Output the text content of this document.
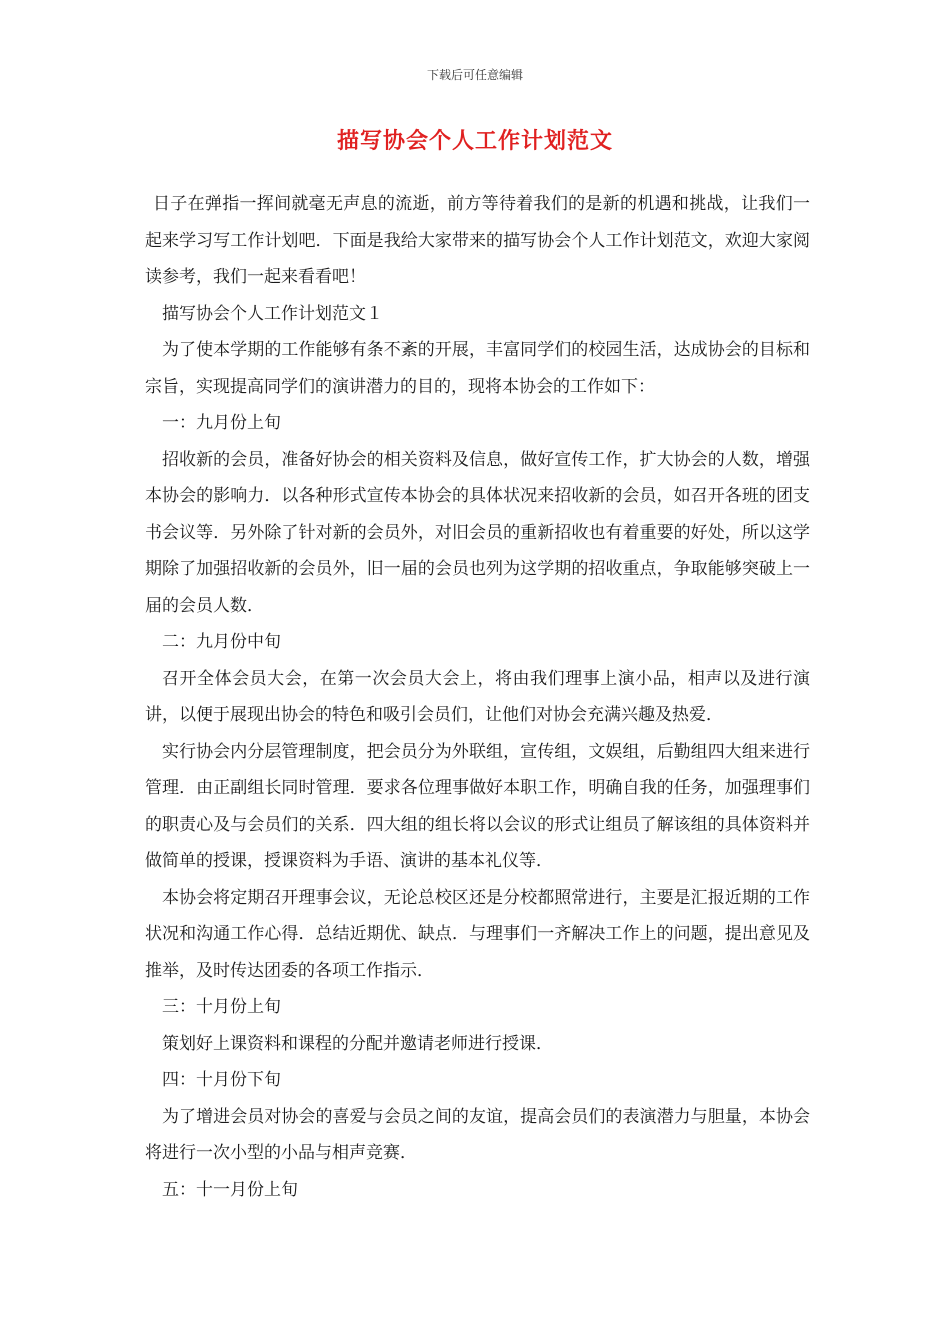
下载后可任意编辑
描写协会个人工作计划范文

日子在弹指一挥间就毫无声息的流逝，前方等待着我们的是新的机遇和挑战，让我们一起来学习写工作计划吧．下面是我给大家带来的描写协会个人工作计划范文，欢迎大家阅读参考，我们一起来看看吧！

描写协会个人工作计划范文１

为了使本学期的工作能够有条不紊的开展，丰富同学们的校园生活，达成协会的目标和宗旨，实现提高同学们的演讲潜力的目的，现将本协会的工作如下：

一：九月份上旬

招收新的会员，准备好协会的相关资料及信息，做好宣传工作，扩大协会的人数，增强本协会的影响力．以各种形式宣传本协会的具体状况来招收新的会员，如召开各班的团支书会议等．另外除了针对新的会员外，对旧会员的重新招收也有着重要的好处，所以这学期除了加强招收新的会员外，旧一届的会员也列为这学期的招收重点，争取能够突破上一届的会员人数．

二：九月份中旬

召开全体会员大会，在第一次会员大会上，将由我们理事上演小品，相声以及进行演讲，以便于展现出协会的特色和吸引会员们，让他们对协会充满兴趣及热爱．

实行协会内分层管理制度，把会员分为外联组，宣传组，文娱组，后勤组四大组来进行管理．由正副组长同时管理．要求各位理事做好本职工作，明确自我的任务，加强理事们的职责心及与会员们的关系．四大组的组长将以会议的形式让组员了解该组的具体资料并做简单的授课，授课资料为手语、演讲的基本礼仪等．

本协会将定期召开理事会议，无论总校区还是分校都照常进行，主要是汇报近期的工作状况和沟通工作心得．总结近期优、缺点．与理事们一齐解决工作上的问题，提出意见及推举，及时传达团委的各项工作指示．

三：十月份上旬

策划好上课资料和课程的分配并邀请老师进行授课．

四：十月份下旬

为了增进会员对协会的喜爱与会员之间的友谊，提高会员们的表演潜力与胆量，本协会将进行一次小型的小品与相声竞赛．

五：十一月份上旬
